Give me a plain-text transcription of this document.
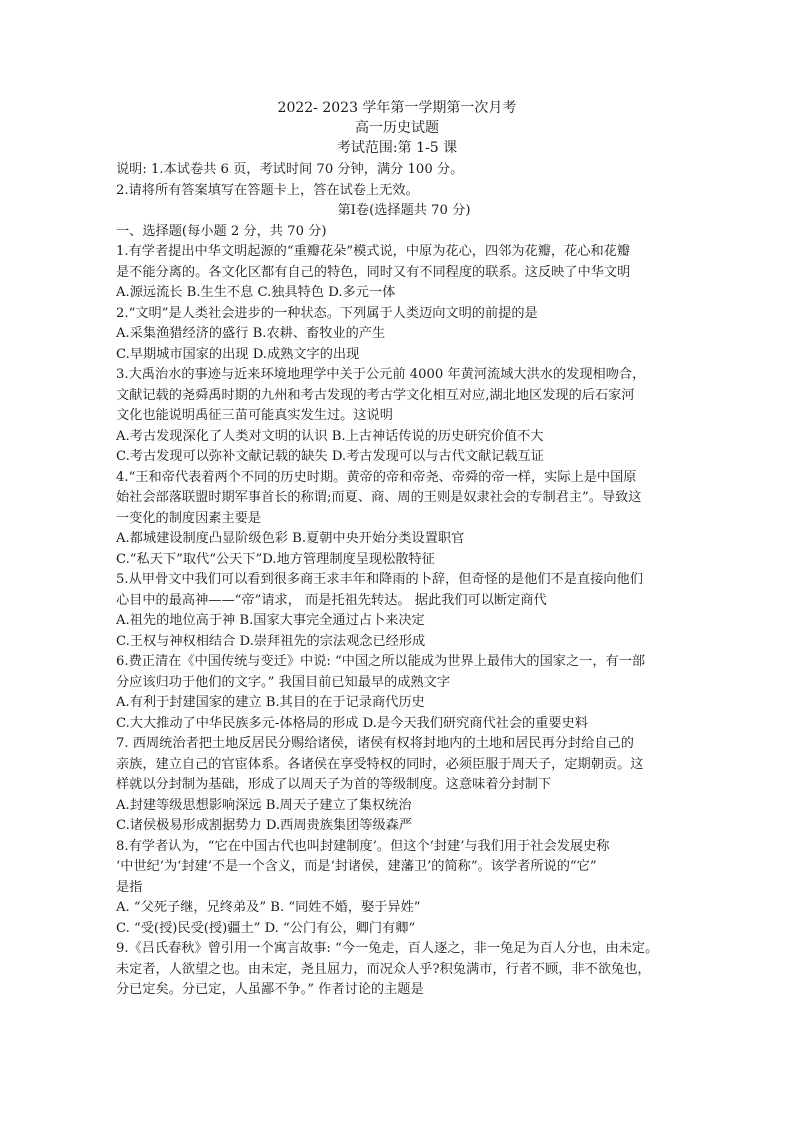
2022- 2023 学年第一学期第一次月考
高一历史试题
考试范围:第 1-5 课
说明: 1.本试卷共 6 页，考试时间 70 分钟，满分 100 分。
2.请将所有答案填写在答题卡上，答在试卷上无效。
第Ⅰ卷(选择题共 70 分)
一、选择题(每小题 2 分，共 70 分)
1.有学者提出中华文明起源的“重瓣花朵”模式说，中原为花心，四邻为花瓣，花心和花瓣
是不能分离的。各文化区都有自己的特色，同时又有不同程度的联系。这反映了中华文明
A.源远流长 B.生生不息 C.独具特色 D.多元一体
2.“文明”是人类社会进步的一种状态。下列属于人类迈向文明的前提的是
A.采集渔猎经济的盛行 B.农耕、畜牧业的产生
C.早期城市国家的出现 D.成熟文字的出现
3.大禹治水的事迹与近来环境地理学中关于公元前 4000 年黄河流域大洪水的发现相吻合，
文献记载的尧舜禹时期的九州和考古发现的考古学文化相互对应,湖北地区发现的后石家河
文化也能说明禹征三苗可能真实发生过。这说明
A.考古发现深化了人类对文明的认识 B.上古神话传说的历史研究价值不大
C.考古发现可以弥补文献记载的缺失 D.考古发现可以与古代文献记载互证
4.“王和帝代表着两个不同的历史时期。黄帝的帝和帝尧、帝舜的帝一样，实际上是中国原
始社会部落联盟时期军事首长的称谓;而夏、商、周的王则是奴隶社会的专制君主”。导致这
一变化的制度因素主要是
A.都城建设制度凸显阶级色彩 B.夏朝中央开始分类设置职官
C.“私天下”取代“公天下”D.地方管理制度呈现松散特征
5.从甲骨文中我们可以看到很多商王求丰年和降雨的卜辞，但奇怪的是他们不是直接向他们
心目中的最高神——“帝”请求， 而是托祖先转达。 据此我们可以断定商代
A.祖先的地位高于神 B.国家大事完全通过占卜来决定
C.王权与神权相结合 D.崇拜祖先的宗法观念已经形成
6.费正清在《中国传统与变迁》中说: “中国之所以能成为世界上最伟大的国家之一，有一部
分应该归功于他们的文字。” 我国目前已知最早的成熟文字
A.有利于封建国家的建立 B.其目的在于记录商代历史
C.大大推动了中华民族多元-体格局的形成 D.是今天我们研究商代社会的重要史料
7. 西周统治者把土地反居民分赐给诸侯，诸侯有权将封地内的土地和居民再分封给自己的
亲族，建立自己的官宦体系。各诸侯在享受特权的同时，必须臣服于周天子，定期朝贡。这
样就以分封制为基础，形成了以周天子为首的等级制度。这意味着分封制下
A.封建等级思想影响深远 B.周天子建立了集权统治
C.诸侯极易形成割据势力 D.西周贵族集团等级森严
8.有学者认为，“它在中国古代也叫封建制度’。但这个‘封建’与我们用于社会发展史称
‘中世纪’为‘封建’不是一个含义，而是‘封诸侯，建藩卫’的简称”。该学者所说的“它”
是指
A. “父死子继，兄终弟及” B. “同姓不婚，娶于异姓”
C. “受(授)民受(授)疆土” D. “公门有公，卿门有卿”
9.《吕氏春秋》曾引用一个寓言故事: “今一兔走，百人逐之，非一兔足为百人分也，由未定。
未定者，人欲望之也。由未定，尧且屈力，而况众人乎?积兔满市，行者不顾，非不欲兔也，
分已定矣。分已定，人虽鄙不争。” 作者讨论的主题是
